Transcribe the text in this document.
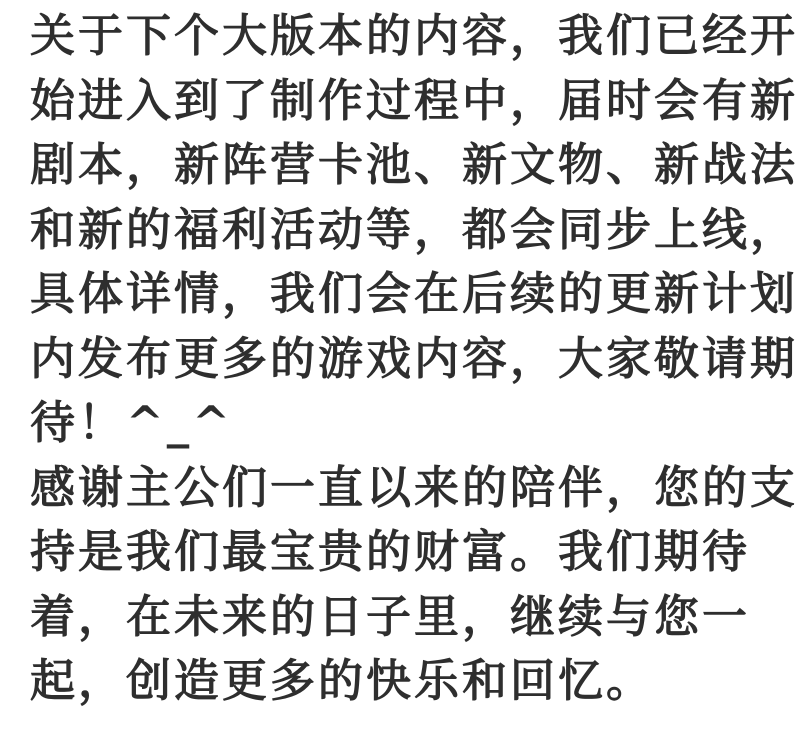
关于下个大版本的内容，我们已经开
始进入到了制作过程中，届时会有新
剧本，新阵营卡池、新文物、新战法
和新的福利活动等，都会同步上线，
具体详情，我们会在后续的更新计划
内发布更多的游戏内容，大家敬请期
待！^_^
感谢主公们一直以来的陪伴，您的支
持是我们最宝贵的财富。我们期待
着，在未来的日子里，继续与您一
起，创造更多的快乐和回忆。
